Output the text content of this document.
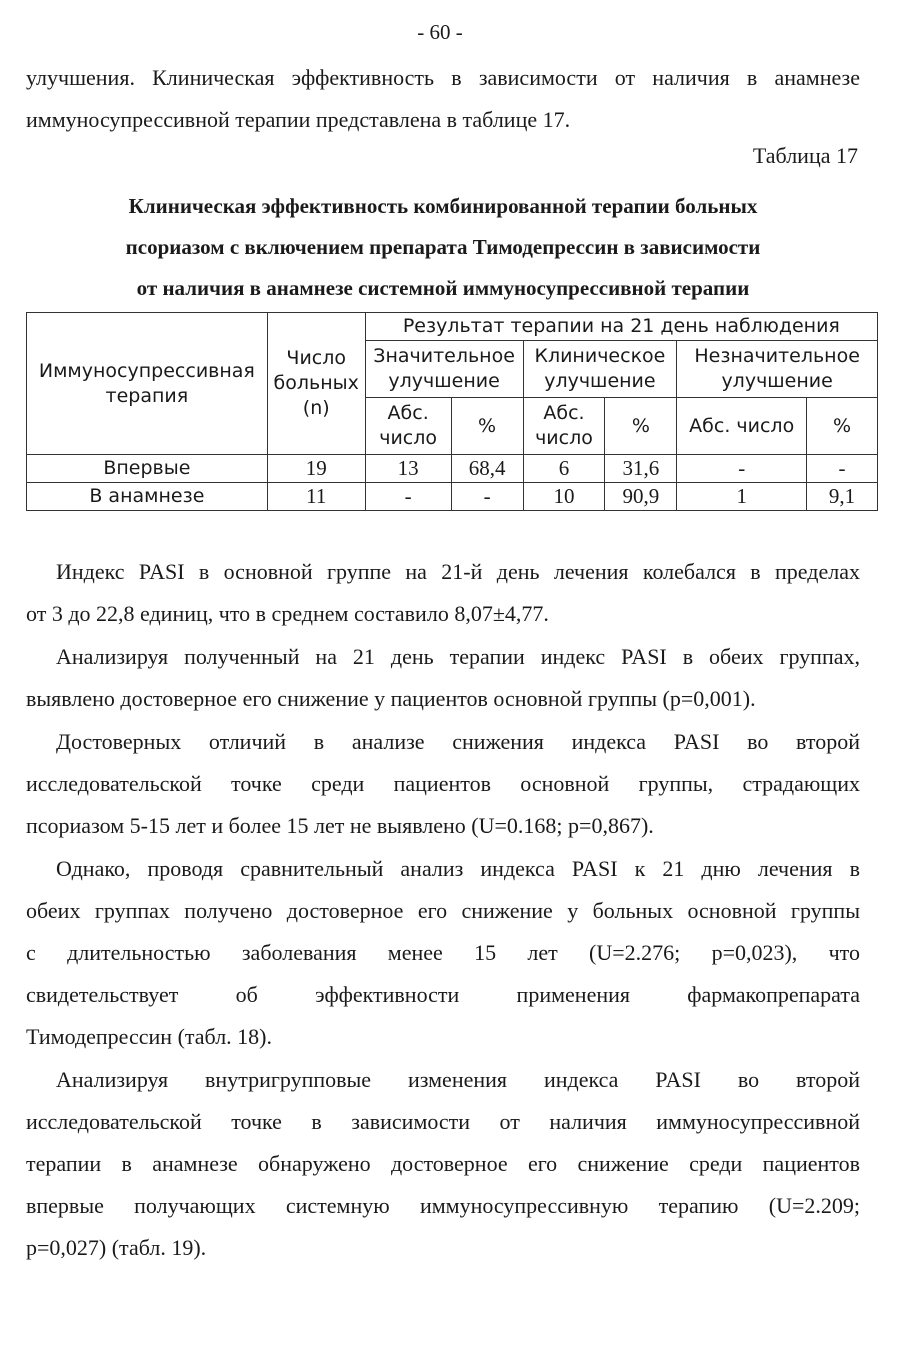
- 60 -
улучшения. Клиническая эффективность в зависимости от наличия в анамнезе
иммуносупрессивной терапии представлена в таблице 17.
Таблица 17
Клиническая эффективность комбинированной терапии больных
псориазом с включением препарата Тимодепрессин в зависимости
от наличия в анамнезе системной иммуносупрессивной терапии
Иммуносупрессивная терапия	Число больных (n)	Результат терапии на 21 день наблюдения					
		Значительное улучшение		Клиническое улучшение		Незначительное улучшение	
		Абс. число	%	Абс. число	%	Абс. число	%
Впервые	19	13	68,4	6	31,6	-	-
В анамнезе	11	-	-	10	90,9	1	9,1
Индекс PASI в основной группе на 21-й день лечения колебался в пределах
от 3 до 22,8 единиц, что в среднем составило 8,07±4,77.
Анализируя полученный на 21 день терапии индекс PASI в обеих группах,
выявлено достоверное его снижение у пациентов основной группы (p=0,001).
Достоверных отличий в анализе снижения индекса PASI во второй
исследовательской точке среди пациентов основной группы, страдающих
псориазом 5-15 лет и более 15 лет не выявлено (U=0.168; p=0,867).
Однако, проводя сравнительный анализ индекса PASI к 21 дню лечения в
обеих группах получено достоверное его снижение у больных основной группы
с длительностью заболевания менее 15 лет (U=2.276; p=0,023), что
свидетельствует об эффективности применения фармакопрепарата
Тимодепрессин (табл. 18).
Анализируя внутригрупповые изменения индекса PASI во второй
исследовательской точке в зависимости от наличия иммуносупрессивной
терапии в анамнезе обнаружено достоверное его снижение среди пациентов
впервые получающих системную иммуносупрессивную терапию (U=2.209;
p=0,027) (табл. 19).
